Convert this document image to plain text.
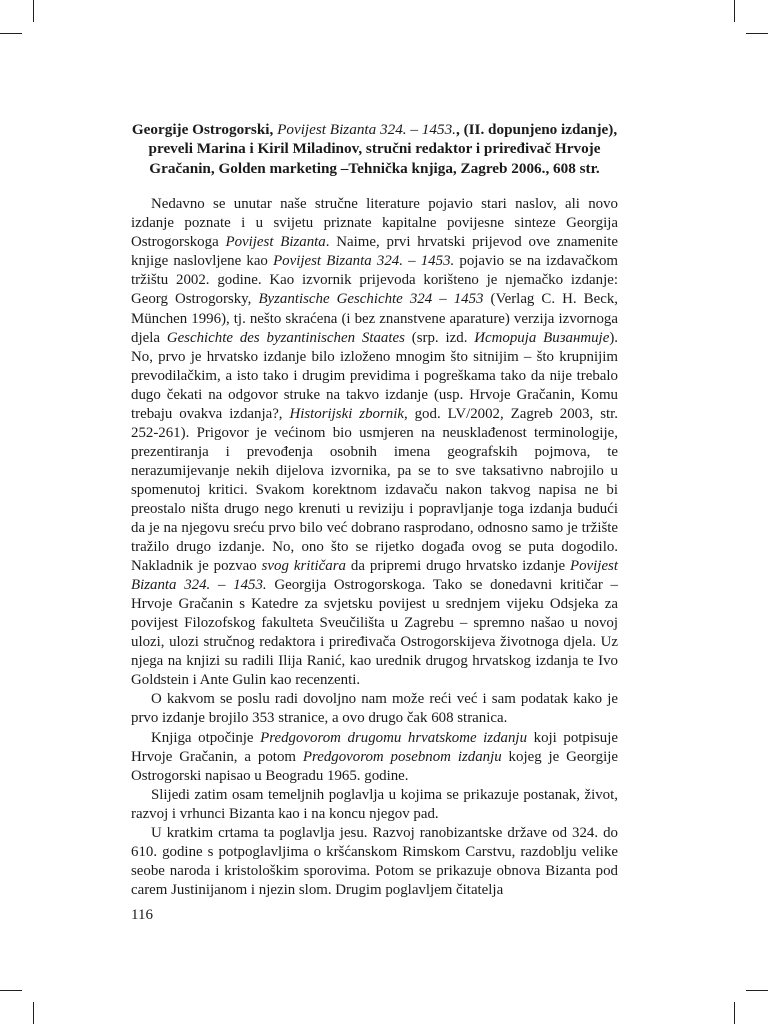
Georgije Ostrogorski, Povijest Bizanta 324. – 1453., (II. dopunjeno izdanje), preveli Marina i Kiril Miladinov, stručni redaktor i priređivač Hrvoje Gračanin, Golden marketing –Tehnička knjiga, Zagreb 2006., 608 str.

Nedavno se unutar naše stručne literature pojavio stari naslov, ali novo izdanje poznate i u svijetu priznate kapitalne povijesne sinteze Georgija Ostrogorskoga Povijest Bizanta. Naime, prvi hrvatski prijevod ove znamenite knjige naslovljene kao Povijest Bizanta 324. – 1453. pojavio se na izdavačkom tržištu 2002. godine. Kao izvornik prijevoda korišteno je njemačko izdanje: Georg Ostrogorsky, Byzantische Geschichte 324 – 1453 (Verlag C. H. Beck, München 1996), tj. nešto skraćena (i bez znanstvene aparature) verzija izvornoga djela Geschichte des byzantinischen Staates (srp. izd. Историја Византије). No, prvo je hrvatsko izdanje bilo izloženo mnogim što sitnijim – što krupnijim prevodilačkim, a isto tako i drugim previdima i pogreškama tako da nije trebalo dugo čekati na odgovor struke na takvo izdanje (usp. Hrvoje Gračanin, Komu trebaju ovakva izdanja?, Historijski zbornik, god. LV/2002, Zagreb 2003, str. 252-261). Prigovor je većinom bio usmjeren na neusklađenost terminologije, prezentiranja i prevođenja osobnih imena geografskih pojmova, te nerazumijevanje nekih dijelova izvornika, pa se to sve taksativno nabrojilo u spomenutoj kritici. Svakom korektnom izdavaču nakon takvog napisa ne bi preostalo ništa drugo nego krenuti u reviziju i popravljanje toga izdanja budući da je na njegovu sreću prvo bilo već dobrano rasprodano, odnosno samo je tržište tražilo drugo izdanje. No, ono što se rijetko događa ovog se puta dogodilo. Nakladnik je pozvao svog kritičara da pripremi drugo hrvatsko izdanje Povijest Bizanta 324. – 1453. Georgija Ostrogorskoga. Tako se donedavni kritičar – Hrvoje Gračanin s Katedre za svjetsku povijest u srednjem vijeku Odsjeka za povijest Filozofskog fakulteta Sveučilišta u Zagrebu – spremno našao u novoj ulozi, ulozi stručnog redaktora i priređivača Ostrogorskijeva životnoga djela. Uz njega na knjizi su radili Ilija Ranić, kao urednik drugog hrvatskog izdanja te Ivo Goldstein i Ante Gulin kao recenzenti.

O kakvom se poslu radi dovoljno nam može reći već i sam podatak kako je prvo izdanje brojilo 353 stranice, a ovo drugo čak 608 stranica.

Knjiga otpočinje Predgovorom drugomu hrvatskome izdanju koji potpisuje Hrvoje Gračanin, a potom Predgovorom posebnom izdanju kojeg je Georgije Ostrogorski napisao u Beogradu 1965. godine.

Slijedi zatim osam temeljnih poglavlja u kojima se prikazuje postanak, život, razvoj i vrhunci Bizanta kao i na koncu njegov pad.

U kratkim crtama ta poglavlja jesu. Razvoj ranobizantske države od 324. do 610. godine s potpoglavljima o kršćanskom Rimskom Carstvu, razdoblju velike seobe naroda i kristološkim sporovima. Potom se prikazuje obnova Bizanta pod carem Justinijanom i njezin slom. Drugim poglavljem čitatelja

116
